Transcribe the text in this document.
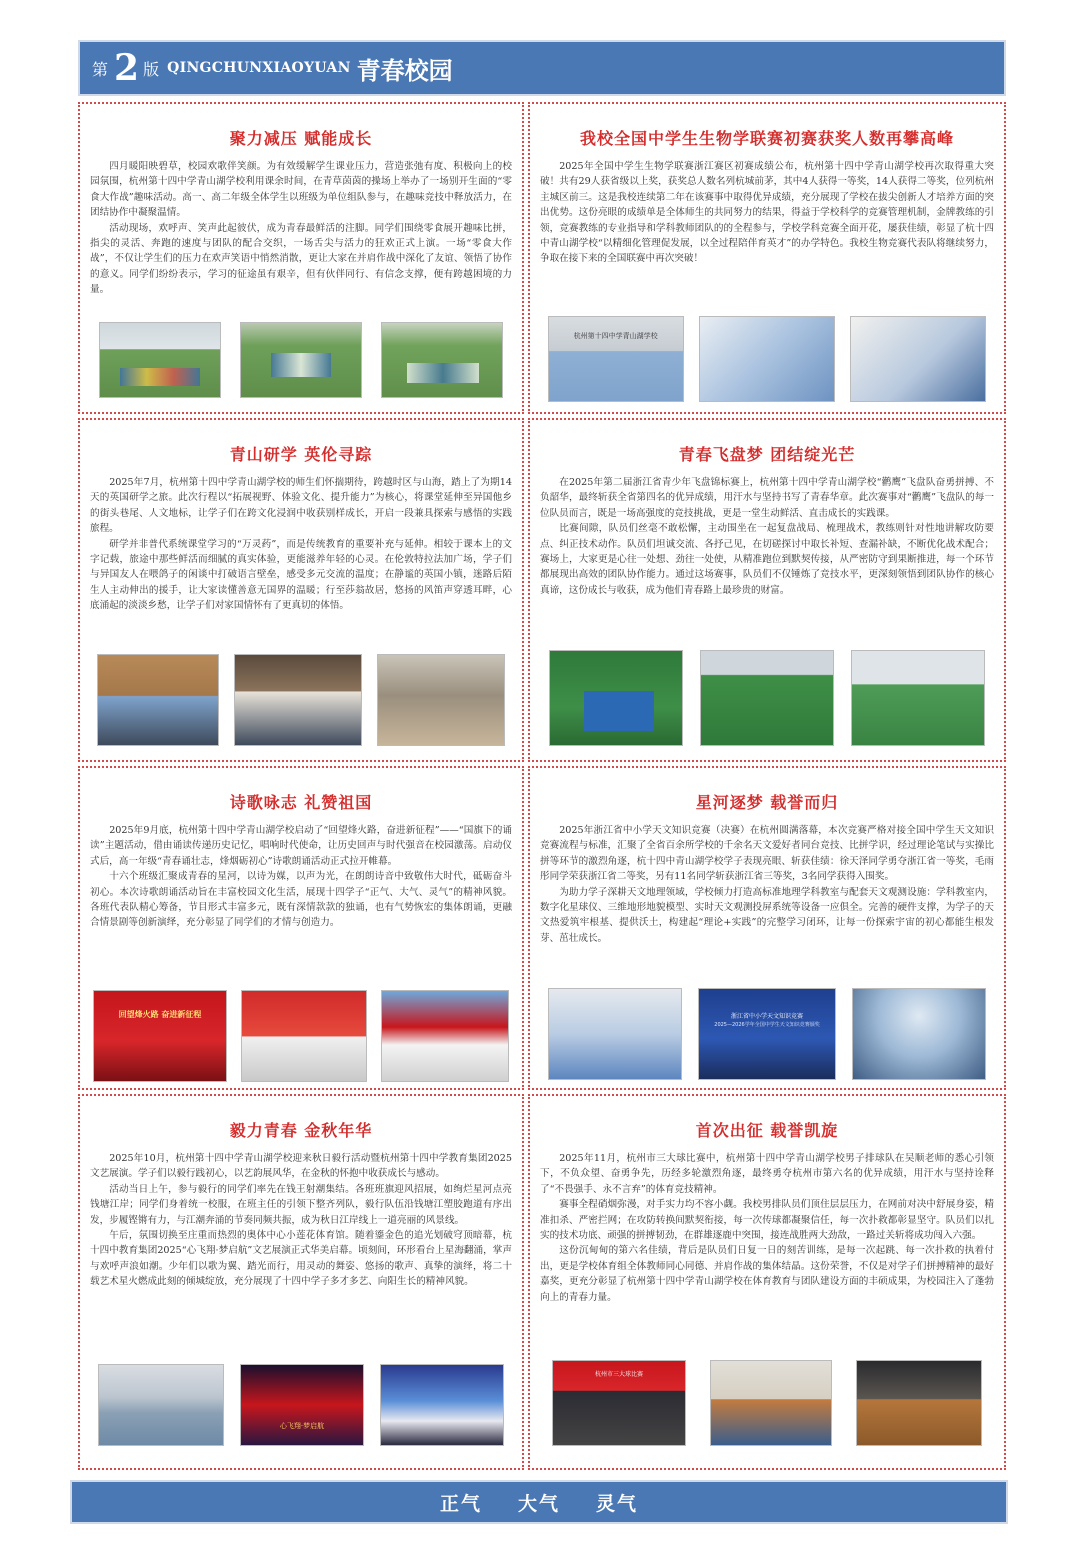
第 2 版 QINGCHUNXIAOYUAN 青春校园
聚力减压 赋能成长

四月暖阳映碧草，校园欢歌伴笑颜。为有效缓解学生课业压力，营造张弛有度、积极向上的校园氛围，杭州第十四中学青山湖学校利用课余时间，在青草茵茵的操场上举办了一场别开生面的“零食大作战”趣味活动。高一、高二年级全体学生以班级为单位组队参与，在趣味竞技中释放活力，在团结协作中凝聚温情。

活动现场，欢呼声、笑声此起彼伏，成为青春最鲜活的注脚。同学们围绕零食展开趣味比拼，指尖的灵活、奔跑的速度与团队的配合交织，一场舌尖与活力的狂欢正式上演。一场“零食大作战”，不仅让学生们的压力在欢声笑语中悄然消散，更让大家在并肩作战中深化了友谊、领悟了协作的意义。同学们纷纷表示，学习的征途虽有艰辛，但有伙伴同行、有信念支撑，便有跨越困境的力量。

我校全国中学生生物学联赛初赛获奖人数再攀高峰

2025年全国中学生生物学联赛浙江赛区初赛成绩公布，杭州第十四中学青山湖学校再次取得重大突破！共有29人获省级以上奖，获奖总人数名列杭城前茅，其中4人获得一等奖，14人获得二等奖，位列杭州主城区前三。这是我校连续第二年在该赛事中取得优异成绩，充分展现了学校在拔尖创新人才培养方面的突出优势。这份亮眼的成绩单是全体师生的共同努力的结果，得益于学校科学的竞赛管理机制，金牌教练的引领，竞赛教练的专业指导和学科教师团队的的全程参与，学校学科竞赛全面开花，屡获佳绩，彰显了杭十四中青山湖学校“以精细化管理促发展，以全过程陪伴育英才”的办学特色。我校生物竞赛代表队将继续努力，争取在接下来的全国联赛中再次突破！

杭州第十四中学青山湖学校
青山研学 英伦寻踪

2025年7月，杭州第十四中学青山湖学校的师生们怀揣期待，跨越时区与山海，踏上了为期14天的英国研学之旅。此次行程以“拓展视野、体验文化、提升能力”为核心，将课堂延伸至异国他乡的街头巷尾、人文地标，让学子们在跨文化浸润中收获别样成长，开启一段兼具探索与感悟的实践旅程。

研学并非普代系统课堂学习的“万灵药”，而是传统教育的重要补充与延伸。相较于课本上的文字记载，旅途中那些鲜活而细腻的真实体验，更能滋养年轻的心灵。在伦敦特拉法加广场，学子们与异国友人在喂鸽子的闲谈中打破语言壁垒，感受多元交流的温度；在静谧的英国小镇，迷路后陌生人主动伸出的援手，让大家读懂善意无国界的温暖；行至莎翁故居，悠扬的风笛声穿透耳畔，心底涌起的淡淡乡愁，让学子们对家国情怀有了更真切的体悟。

青春飞盘梦 团结绽光芒

在2025年第二届浙江省青少年飞盘锦标赛上，杭州第十四中学青山湖学校“鹳鹰”飞盘队奋勇拼搏、不负韶华，最终斩获全省第四名的优异成绩，用汗水与坚持书写了青春华章。此次赛事对“鹳鹰”飞盘队的每一位队员而言，既是一场高强度的竞技挑战，更是一堂生动鲜活、直击成长的实践课。

比赛间隙，队员们丝毫不敢松懈，主动围坐在一起复盘战局、梳理战术，教练则针对性地讲解攻防要点、纠正技术动作。队员们坦诚交流、各抒己见，在切磋探讨中取长补短、查漏补缺，不断优化战术配合；赛场上，大家更是心往一处想、劲往一处使，从精准跑位到默契传接，从严密防守到果断推进，每一个环节都展现出高效的团队协作能力。通过这场赛事，队员们不仅锤炼了竞技水平，更深刻领悟到团队协作的核心真谛，这份成长与收获，成为他们青春路上最珍贵的财富。

诗歌咏志 礼赞祖国

2025年9月底，杭州第十四中学青山湖学校启动了“回望烽火路，奋进新征程”——“国旗下的诵读”主题活动，借由诵读传递历史记忆，唱响时代使命，让历史回声与时代强音在校园激荡。启动仪式后，高一年级“青春诵壮志，烽烟砺初心”诗歌朗诵活动正式拉开帷幕。

十六个班级汇聚成青春的星河，以诗为媒，以声为光，在朗朗诗音中致敬伟大时代，砥砺奋斗初心。本次诗歌朗诵活动旨在丰富校园文化生活，展现十四学子“正气、大气、灵气”的精神风貌。各班代表队精心筹备，节目形式丰富多元，既有深情款款的独诵，也有气势恢宏的集体朗诵，更融合情景剧等创新演绎，充分彰显了同学们的才情与创造力。

回望烽火路 奋进新征程
星河逐梦 载誉而归

2025年浙江省中小学天文知识竞赛（决赛）在杭州圆满落幕，本次竞赛严格对接全国中学生天文知识竞赛流程与标准，汇聚了全省百余所学校的千余名天文爱好者同台竞技、比拼学识，经过理论笔试与实操比拼等环节的激烈角逐，杭十四中青山湖学校学子表现亮眼、斩获佳绩：徐天泽同学勇夺浙江省一等奖，毛雨彤同学荣获浙江省二等奖，另有11名同学斩获浙江省三等奖，3名同学获得入围奖。

为助力学子深耕天文地理领域，学校倾力打造高标准地理学科教室与配套天文观测设施：学科教室内，数字化星球仪、三维地形地貌模型、实时天文观测投屏系统等设备一应俱全。完善的硬件支撑，为学子的天文热爱筑牢根基、提供沃土，构建起“理论+实践”的完整学习闭环，让每一份探索宇宙的初心都能生根发芽、茁壮成长。

浙江省中小学天文知识竞赛
2025—2026学年全国中学生天文知识竞赛颁奖
毅力青春 金秋年华

2025年10月，杭州第十四中学青山湖学校迎来秋日毅行活动暨杭州第十四中学教育集团2025文艺展演。学子们以毅行践初心，以艺韵展风华，在金秋的怀抱中收获成长与感动。

活动当日上午，参与毅行的同学们率先在钱王射潮集结。各班班旗迎风招展，如绚烂星河点亮钱塘江岸；同学们身着统一校服，在班主任的引领下整齐列队，毅行队伍沿钱塘江塑胶跑道有序出发，步履铿锵有力，与江潮奔涌的节奏同频共振，成为秋日江岸线上一道亮丽的风景线。

午后，氛围切换至庄重而热烈的奥体中心小莲花体育馆。随着鎏金色的追光划破穹顶暗幕，杭十四中教育集团2025“心飞翔·梦启航”文艺展演正式华美启幕。顷刻间，环形看台上星海翻涌，掌声与欢呼声浪如潮。少年们以歌为翼、踏光而行，用灵动的舞姿、悠扬的歌声、真挚的演绎，将二十载艺术星火燃成此刻的倾城绽放，充分展现了十四中学子多才多艺、向阳生长的精神风貌。

心飞翔·梦启航
首次出征 载誉凯旋

2025年11月，杭州市三大球比赛中，杭州第十四中学青山湖学校男子排球队在吴顺老师的悉心引领下，不负众望、奋勇争先，历经多轮激烈角逐，最终勇夺杭州市第六名的优异成绩，用汗水与坚持诠释了“不畏强手、永不言弃”的体育竞技精神。

赛事全程硝烟弥漫，对手实力均不容小觑。我校男排队员们顶住层层压力，在网前对决中舒展身姿，精准扣杀、严密拦网；在攻防转换间默契衔接，每一次传球都凝聚信任，每一次扑救都彰显坚守。队员们以扎实的技术功底、顽强的拼搏韧劲，在群雄逐鹿中突围，接连战胜两大劲敌，一路过关斩将成功闯入六强。

这份沉甸甸的第六名佳绩，背后是队员们日复一日的刻苦训练，是每一次起跳、每一次扑救的执着付出，更是学校体育组全体教师同心同德、并肩作战的集体结晶。这份荣誉，不仅是对学子们拼搏精神的最好嘉奖，更充分彰显了杭州第十四中学青山湖学校在体育教育与团队建设方面的丰硕成果，为校园注入了蓬勃向上的青春力量。

杭州市三大球比赛
正气 大气 灵气
